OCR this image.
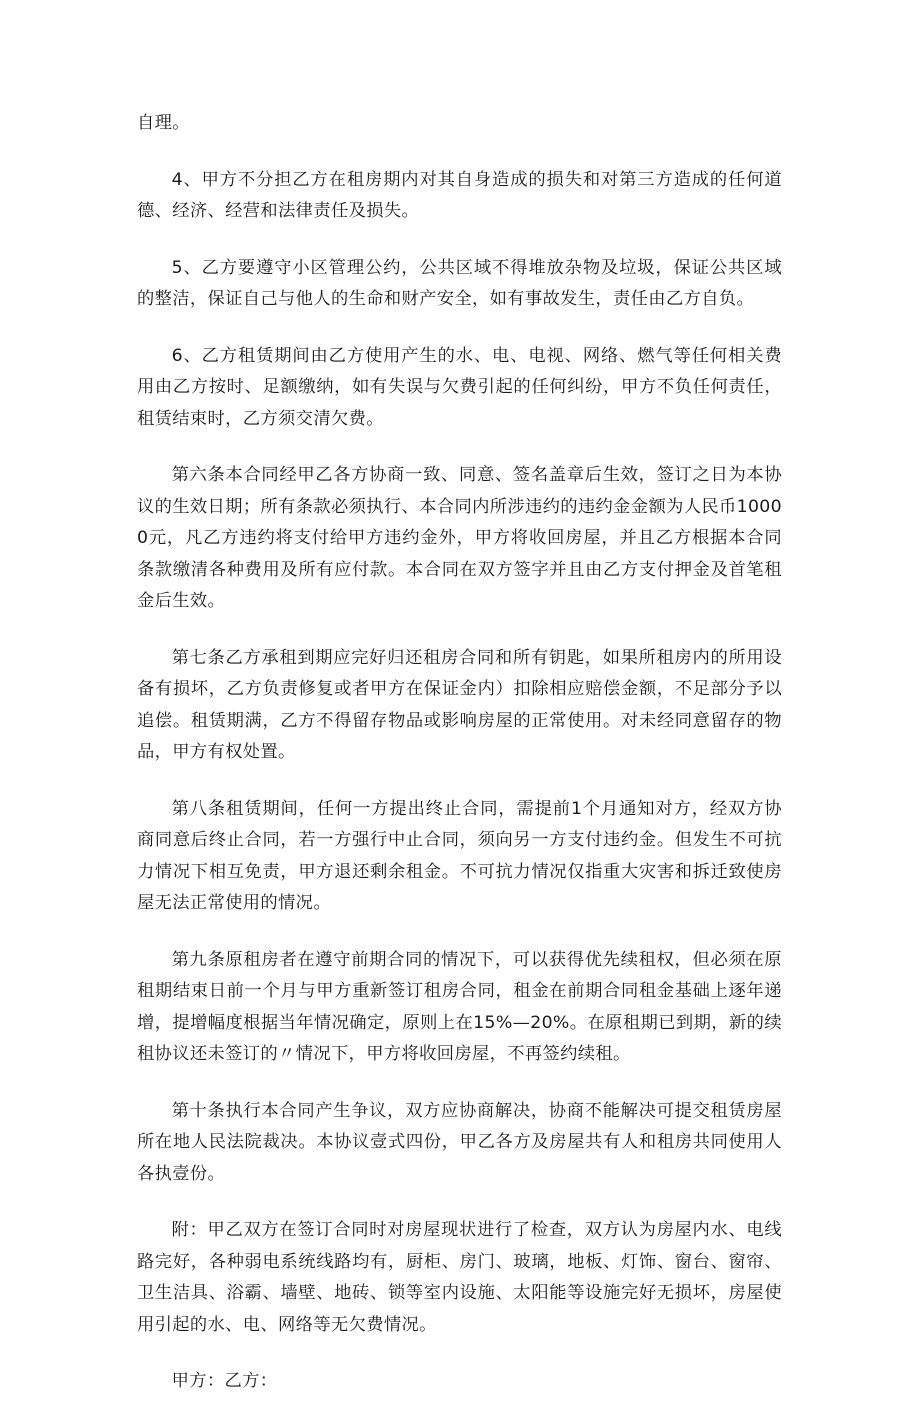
自理。

4、甲方不分担乙方在租房期内对其自身造成的损失和对第三方造成的任何道德、经济、经营和法律责任及损失。

5、乙方要遵守小区管理公约，公共区域不得堆放杂物及垃圾，保证公共区域的整洁，保证自己与他人的生命和财产安全，如有事故发生，责任由乙方自负。

6、乙方租赁期间由乙方使用产生的水、电、电视、网络、燃气等任何相关费用由乙方按时、足额缴纳，如有失误与欠费引起的任何纠纷，甲方不负任何责任，租赁结束时，乙方须交清欠费。

第六条本合同经甲乙各方协商一致、同意、签名盖章后生效，签订之日为本协议的生效日期；所有条款必须执行、本合同内所涉违约的违约金金额为人民币10000元，凡乙方违约将支付给甲方违约金外，甲方将收回房屋，并且乙方根据本合同条款缴清各种费用及所有应付款。本合同在双方签字并且由乙方支付押金及首笔租金后生效。

第七条乙方承租到期应完好归还租房合同和所有钥匙，如果所租房内的所用设备有损坏，乙方负责修复或者甲方在保证金内）扣除相应赔偿金额，不足部分予以追偿。租赁期满，乙方不得留存物品或影响房屋的正常使用。对未经同意留存的物品，甲方有权处置。

第八条租赁期间，任何一方提出终止合同，需提前1个月通知对方，经双方协商同意后终止合同，若一方强行中止合同，须向另一方支付违约金。但发生不可抗力情况下相互免责，甲方退还剩余租金。不可抗力情况仅指重大灾害和拆迁致使房屋无法正常使用的情况。

第九条原租房者在遵守前期合同的情况下，可以获得优先续租权，但必须在原租期结束日前一个月与甲方重新签订租房合同，租金在前期合同租金基础上逐年递增，提增幅度根据当年情况确定，原则上在15%—20%。在原租期已到期，新的续租协议还未签订的〃情况下，甲方将收回房屋，不再签约续租。

第十条执行本合同产生争议，双方应协商解决，协商不能解决可提交租赁房屋所在地人民法院裁决。本协议壹式四份，甲乙各方及房屋共有人和租房共同使用人各执壹份。

附：甲乙双方在签订合同时对房屋现状进行了检查，双方认为房屋内水、电线路完好，各种弱电系统线路均有，厨柜、房门、玻璃，地板、灯饰、窗台、窗帘、卫生洁具、浴霸、墙壁、地砖、锁等室内设施、太阳能等设施完好无损坏，房屋使用引起的水、电、网络等无欠费情况。

甲方：乙方：
